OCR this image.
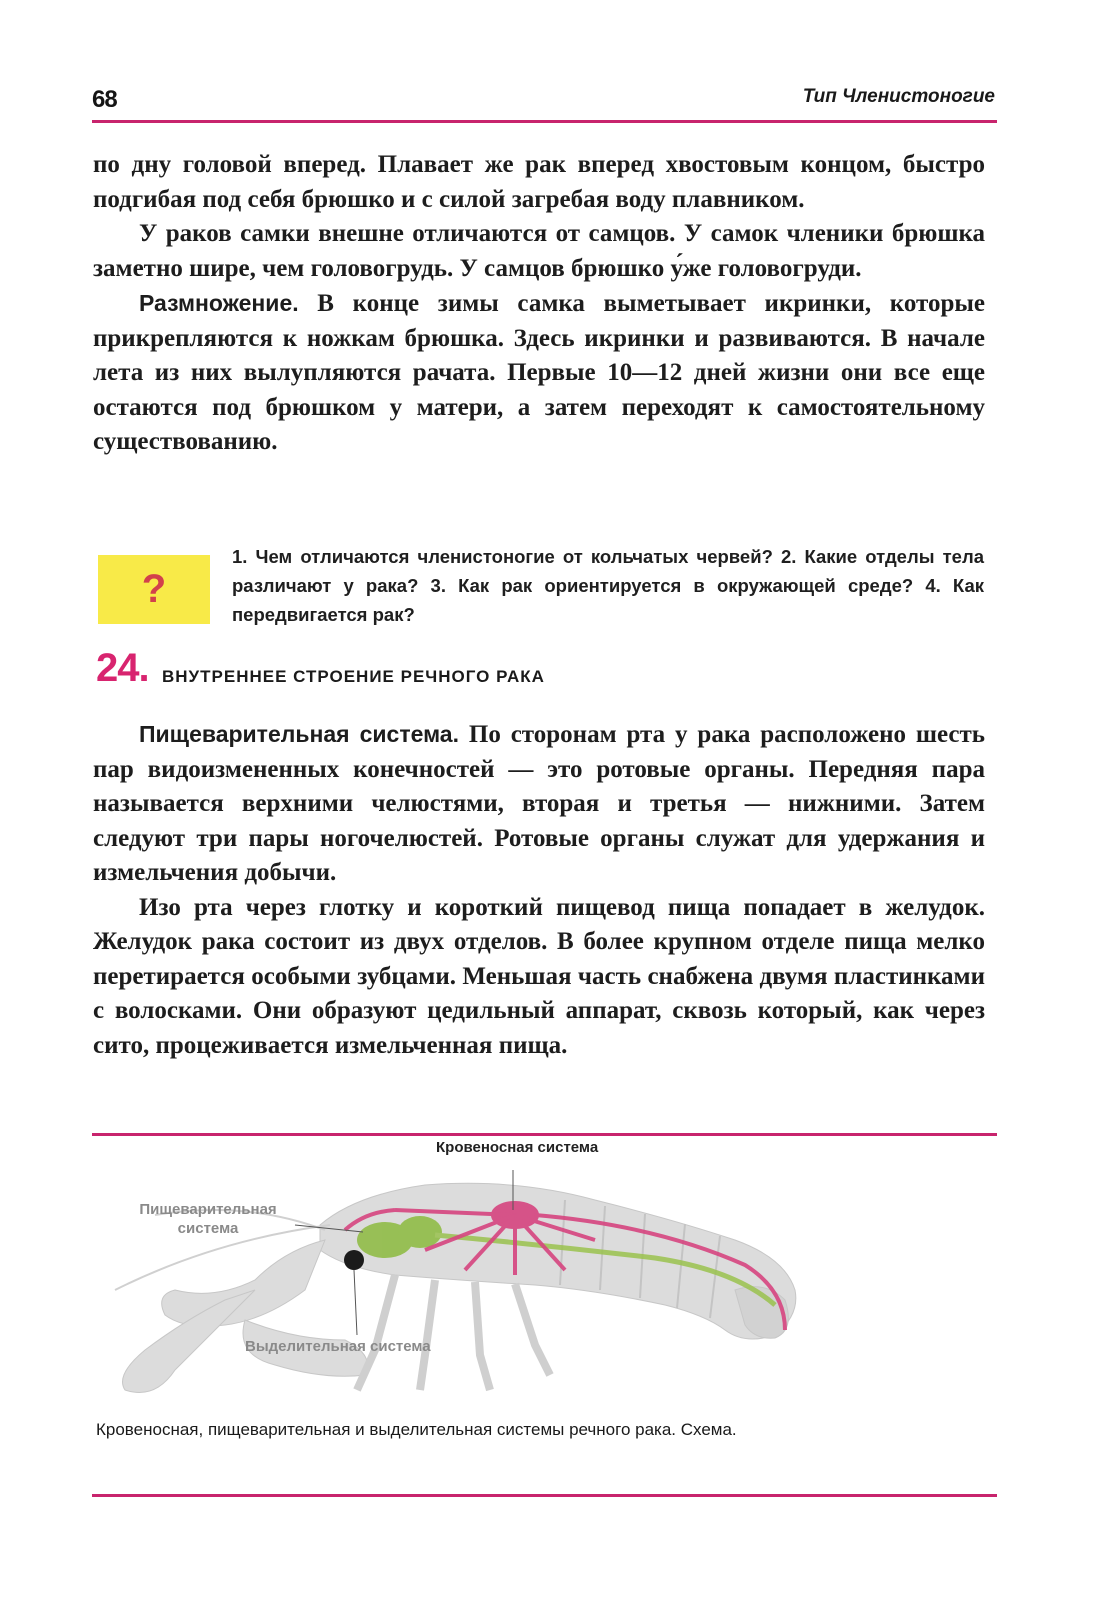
68	Тип Членистоногие

по дну головой вперед. Плавает же рак вперед хвостовым концом, быстро подгибая под себя брюшко и с силой загребая воду плавником.

У раков самки внешне отличаются от самцов. У самок членики брюшка заметно шире, чем головогрудь. У самцов брюшко у́же головогруди.

Размножение. В конце зимы самка выметывает икринки, которые прикрепляются к ножкам брюшка. Здесь икринки и развиваются. В начале лета из них вылупляются рачата. Первые 10—12 дней жизни они все еще остаются под брюшком у матери, а затем переходят к самостоятельному существованию.

?

1. Чем отличаются членистоногие от кольчатых червей? 2. Какие отделы тела различают у рака? 3. Как рак ориентируется в окружающей среде? 4. Как передвигается рак?

24. ВНУТРЕННЕЕ СТРОЕНИЕ РЕЧНОГО РАКА

Пищеварительная система. По сторонам рта у рака расположено шесть пар видоизмененных конечностей — это ротовые органы. Передняя пара называется верхними челюстями, вторая и третья — нижними. Затем следуют три пары ногочелюстей. Ротовые органы служат для удержания и измельчения добычи.

Изо рта через глотку и короткий пищевод пища попадает в желудок. Желудок рака состоит из двух отделов. В более крупном отделе пища мелко перетирается особыми зубцами. Меньшая часть снабжена двумя пластинками с волосками. Они образуют цедильный аппарат, сквозь который, как через сито, процеживается измельченная пища.

Кровеносная система
Пищеварительная система
Выделительная система

Кровеносная, пищеварительная и выделительная системы речного рака. Схема.
